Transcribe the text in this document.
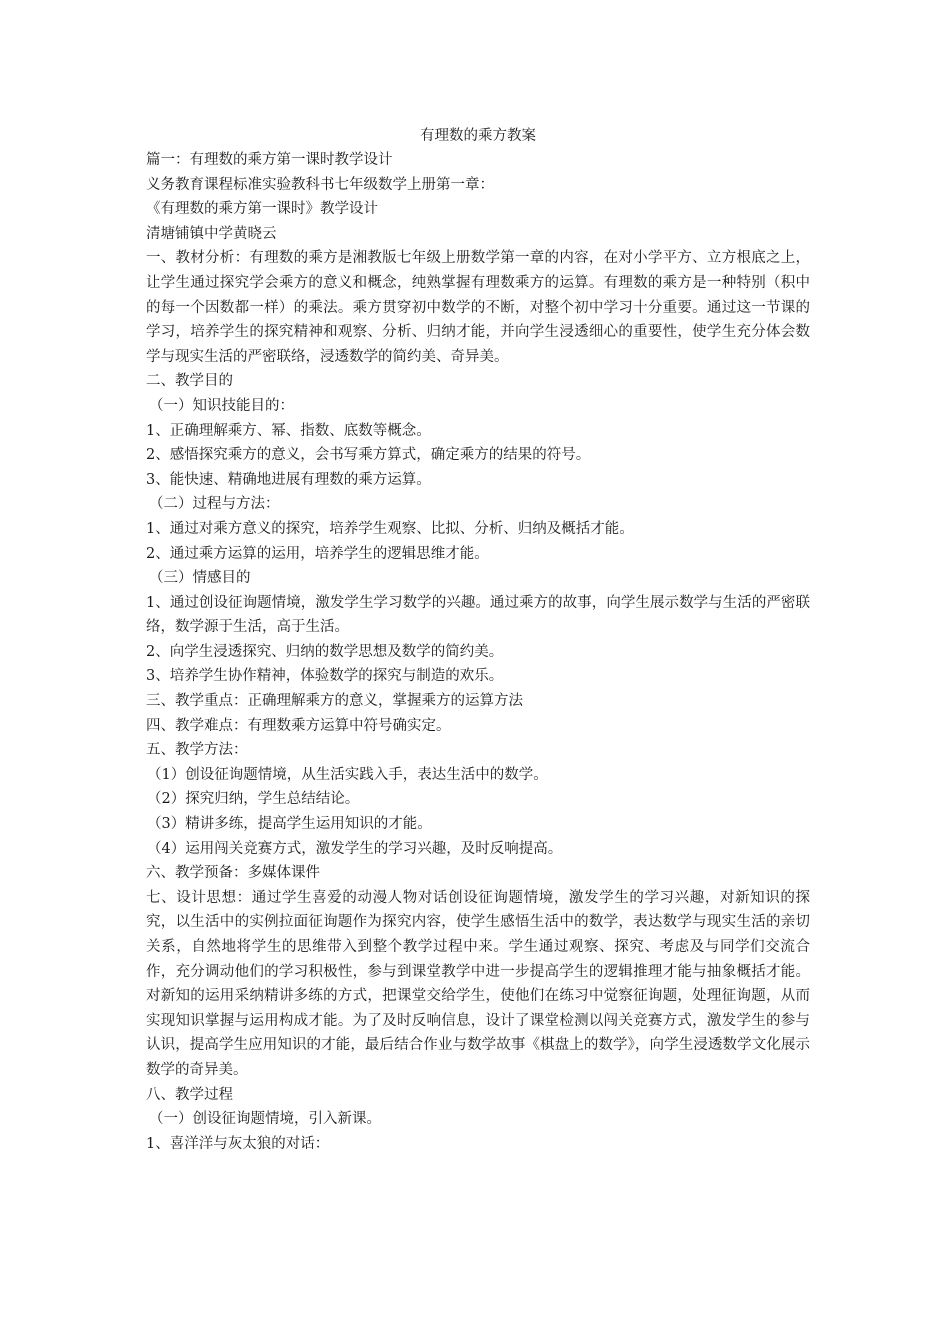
有理数的乘方教案
篇一：有理数的乘方第一课时教学设计
义务教育课程标准实验教科书七年级数学上册第一章：
《有理数的乘方第一课时》教学设计
清塘铺镇中学黄晓云
一、教材分析：有理数的乘方是湘教版七年级上册数学第一章的内容，在对小学平方、立方根底之上，让学生通过探究学会乘方的意义和概念，纯熟掌握有理数乘方的运算。有理数的乘方是一种特别（积中的每一个因数都一样）的乘法。乘方贯穿初中数学的不断，对整个初中学习十分重要。通过这一节课的学习，培养学生的探究精神和观察、分析、归纳才能，并向学生浸透细心的重要性，使学生充分体会数学与现实生活的严密联络，浸透数学的简约美、奇异美。
二、教学目的
（一）知识技能目的：
1、正确理解乘方、幂、指数、底数等概念。
2、感悟探究乘方的意义，会书写乘方算式，确定乘方的结果的符号。
3、能快速、精确地进展有理数的乘方运算。
（二）过程与方法：
1、通过对乘方意义的探究，培养学生观察、比拟、分析、归纳及概括才能。
2、通过乘方运算的运用，培养学生的逻辑思维才能。
（三）情感目的
1、通过创设征询题情境，激发学生学习数学的兴趣。通过乘方的故事，向学生展示数学与生活的严密联络，数学源于生活，高于生活。
2、向学生浸透探究、归纳的数学思想及数学的简约美。
3、培养学生协作精神，体验数学的探究与制造的欢乐。
三、教学重点：正确理解乘方的意义，掌握乘方的运算方法
四、教学难点：有理数乘方运算中符号确实定。
五、教学方法：
（1）创设征询题情境，从生活实践入手，表达生活中的数学。
（2）探究归纳，学生总结结论。
（3）精讲多练，提高学生运用知识的才能。
（4）运用闯关竞赛方式，激发学生的学习兴趣，及时反响提高。
六、教学预备：多媒体课件
七、设计思想：通过学生喜爱的动漫人物对话创设征询题情境，激发学生的学习兴趣，对新知识的探究，以生活中的实例拉面征询题作为探究内容，使学生感悟生活中的数学，表达数学与现实生活的亲切关系，自然地将学生的思维带入到整个教学过程中来。学生通过观察、探究、考虑及与同学们交流合作，充分调动他们的学习积极性，参与到课堂教学中进一步提高学生的逻辑推理才能与抽象概括才能。对新知的运用采纳精讲多练的方式，把课堂交给学生，使他们在练习中觉察征询题，处理征询题，从而实现知识掌握与运用构成才能。为了及时反响信息，设计了课堂检测以闯关竞赛方式，激发学生的参与认识，提高学生应用知识的才能，最后结合作业与数学故事《棋盘上的数学》，向学生浸透数学文化展示数学的奇异美。
八、教学过程
（一）创设征询题情境，引入新课。
1、喜洋洋与灰太狼的对话：
